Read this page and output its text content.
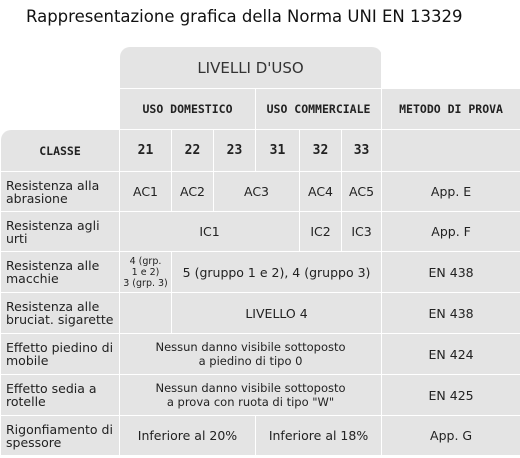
Rappresentazione grafica della Norma UNI EN 13329
	LIVELLI D'USO						
	USO DOMESTICO			USO COMMERCIALE			METODO DI PROVA
CLASSE	21	22	23	31	32	33	
Resistenza alla abrasione	AC1	AC2	AC3		AC4	AC5	App. E
Resistenza agli urti	IC1				IC2	IC3	App. F
Resistenza alle macchie	4 (grp.
1 e 2)
3 (grp. 3)	5 (gruppo 1 e 2), 4 (gruppo 3)					EN 438
Resistenza alle bruciat. sigarette		LIVELLO 4					EN 438
Effetto piedino di mobile	Nessun danno visibile sottoposto
a piedino di tipo 0						EN 424
Effetto sedia a rotelle	Nessun danno visibile sottoposto
a prova con ruota di tipo "W"						EN 425
Rigonfiamento di spessore	Inferiore al 20%			Inferiore al 18%			App. G
